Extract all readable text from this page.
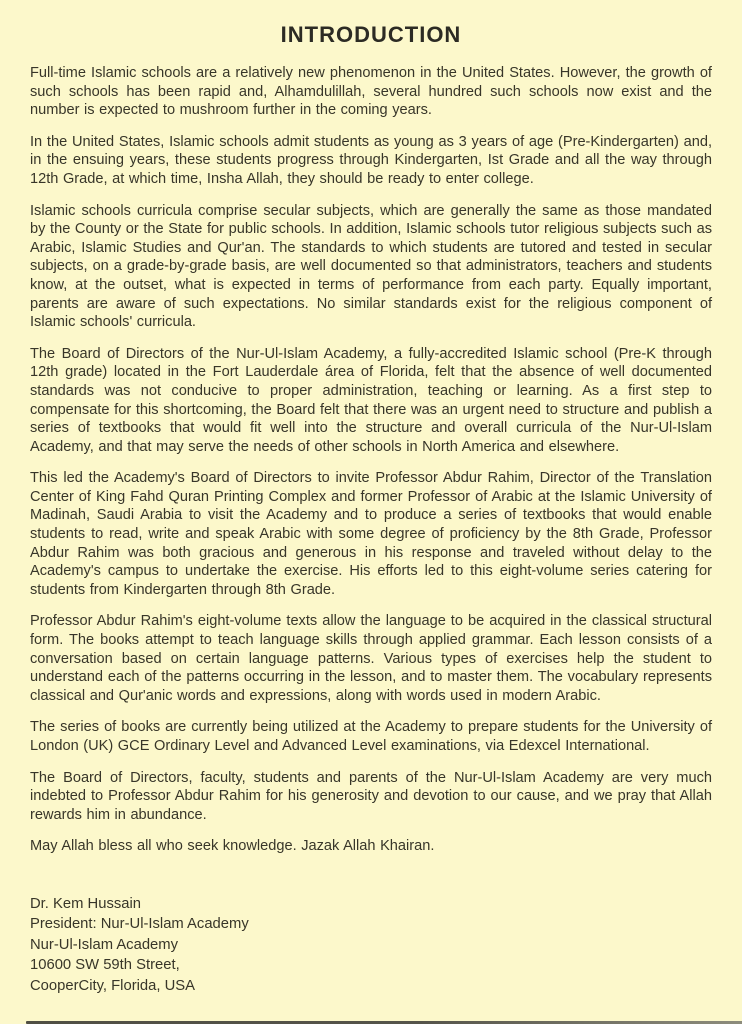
INTRODUCTION

Full-time Islamic schools are a relatively new phenomenon in the United States. However, the growth of such schools has been rapid and, Alhamdulillah, several hundred such schools now exist and the number is expected to mushroom further in the coming years.

In the United States, Islamic schools admit students as young as 3 years of age (Pre-Kindergarten) and, in the ensuing years, these students progress through Kindergarten, Ist Grade and all the way through 12th Grade, at which time, Insha Allah, they should be ready to enter college.

Islamic schools curricula comprise secular subjects, which are generally the same as those mandated by the County or the State for public schools. In addition, Islamic schools tutor religious subjects such as Arabic, Islamic Studies and Qur'an. The standards to which students are tutored and tested in secular subjects, on a grade-by-grade basis, are well documented so that administrators, teachers and students know, at the outset, what is expected in terms of performance from each party. Equally important, parents are aware of such expectations. No similar standards exist for the religious component of Islamic schools' curricula.

The Board of Directors of the Nur-Ul-Islam Academy, a fully-accredited Islamic school (Pre-K through 12th grade) located in the Fort Lauderdale área of Florida, felt that the absence of well documented standards was not conducive to proper administration, teaching or learning. As a first step to compensate for this shortcoming, the Board felt that there was an urgent need to structure and publish a series of textbooks that would fit well into the structure and overall curricula of the Nur-Ul-Islam Academy, and that may serve the needs of other schools in North America and elsewhere.

This led the Academy's Board of Directors to invite Professor Abdur Rahim, Director of the Translation Center of King Fahd Quran Printing Complex and former Professor of Arabic at the Islamic University of Madinah, Saudi Arabia to visit the Academy and to produce a series of textbooks that would enable students to read, write and speak Arabic with some degree of proficiency by the 8th Grade, Professor Abdur Rahim was both gracious and generous in his response and traveled without delay to the Academy's campus to undertake the exercise. His efforts led to this eight-volume series catering for students from Kindergarten through 8th Grade.

Professor Abdur Rahim's eight-volume texts allow the language to be acquired in the classical structural form. The books attempt to teach language skills through applied grammar. Each lesson consists of a conversation based on certain language patterns. Various types of exercises help the student to understand each of the patterns occurring in the lesson, and to master them. The vocabulary represents classical and Qur'anic words and expressions, along with words used in modern Arabic.

The series of books are currently being utilized at the Academy to prepare students for the University of London (UK) GCE Ordinary Level and Advanced Level examinations, via Edexcel International.

The Board of Directors, faculty, students and parents of the Nur-Ul-Islam Academy are very much indebted to Professor Abdur Rahim for his generosity and devotion to our cause, and we pray that Allah rewards him in abundance.

May Allah bless all who seek knowledge. Jazak Allah Khairan.

Dr. Kem Hussain
President: Nur-Ul-Islam Academy
Nur-Ul-Islam Academy
10600 SW 59th Street,
CooperCity, Florida, USA
